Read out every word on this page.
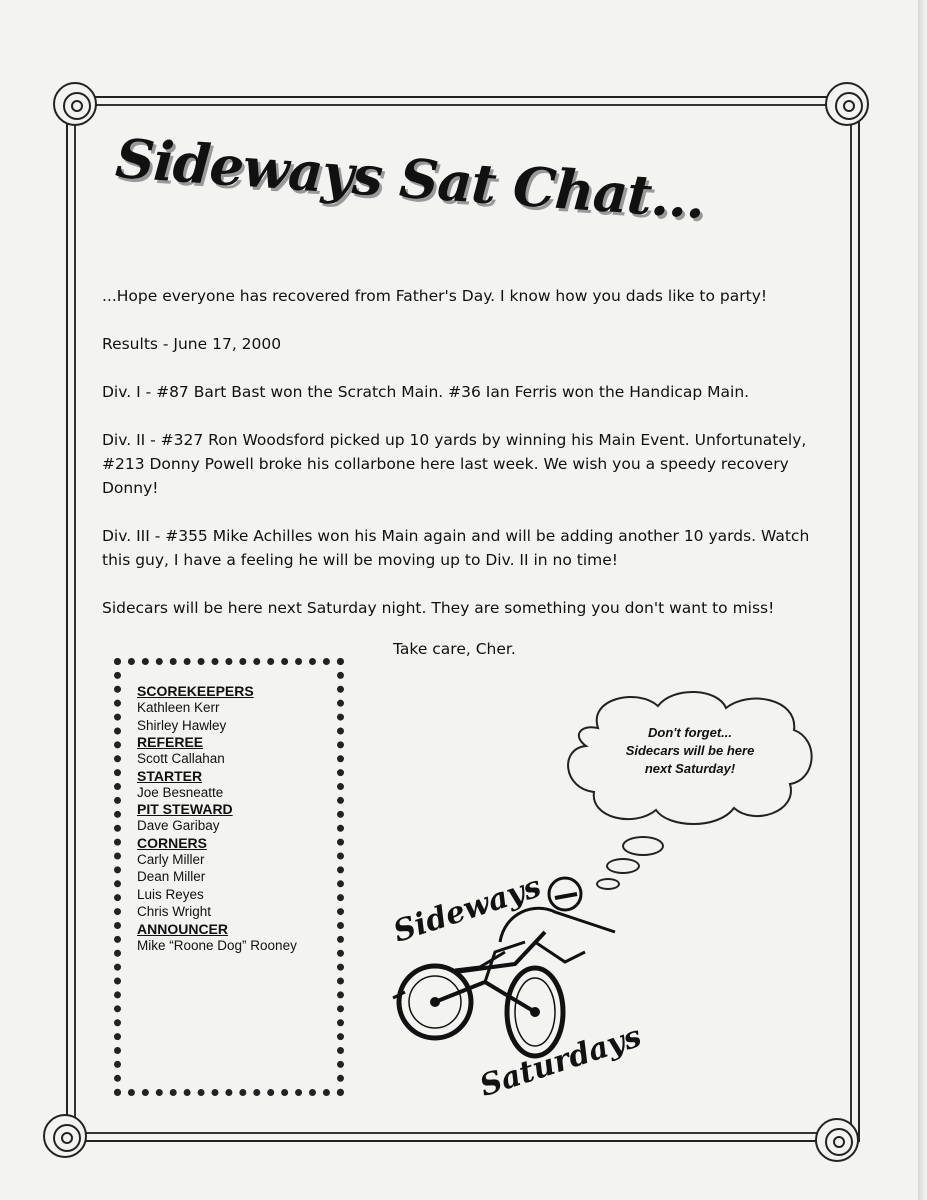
Sideways Sat Chat...
...Hope everyone has recovered from Father's Day. I know how you dads like to party!
Results - June 17, 2000
Div. I - #87 Bart Bast won the Scratch Main. #36 Ian Ferris won the Handicap Main.
Div. II - #327 Ron Woodsford picked up 10 yards by winning his Main Event. Unfortunately, #213 Donny Powell broke his collarbone here last week. We wish you a speedy recovery Donny!
Div. III - #355 Mike Achilles won his Main again and will be adding another 10 yards. Watch this guy, I have a feeling he will be moving up to Div. II in no time!
Sidecars will be here next Saturday night. They are something you don't want to miss!
Take care, Cher.
SCOREKEEPERS
Kathleen Kerr
Shirley Hawley
REFEREE
Scott Callahan
STARTER
Joe Besneatte
PIT STEWARD
Dave Garibay
CORNERS
Carly Miller
Dean Miller
Luis Reyes
Chris Wright
ANNOUNCER
Mike “Roone Dog” Rooney
Don't forget...
Sidecars will be here
next Saturday!
Sideways
Saturdays
